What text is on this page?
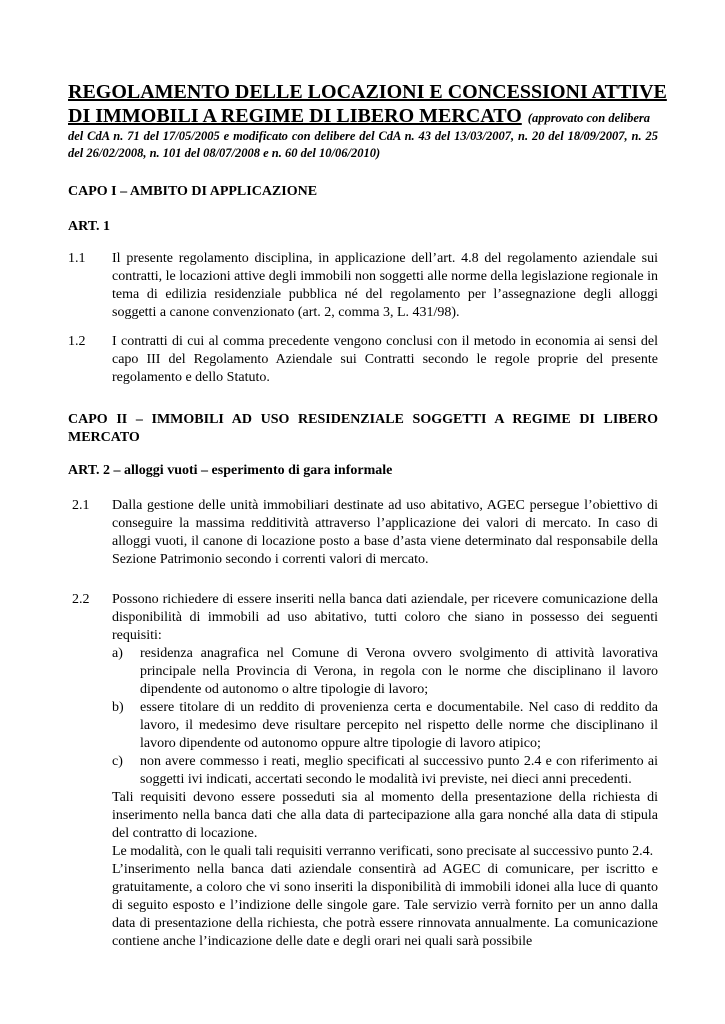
REGOLAMENTO DELLE LOCAZIONI E CONCESSIONI ATTIVE
DI IMMOBILI A REGIME DI LIBERO MERCATO (approvato con delibera
del CdA n. 71 del 17/05/2005 e modificato con delibere del CdA n. 43 del 13/03/2007, n. 20 del 18/09/2007, n. 25 del 26/02/2008, n. 101 del 08/07/2008 e n. 60 del 10/06/2010)
CAPO I – AMBITO DI APPLICAZIONE
ART. 1
1.1 Il presente regolamento disciplina, in applicazione dell’art. 4.8 del regolamento aziendale sui contratti, le locazioni attive degli immobili non soggetti alle norme della legislazione regionale in tema di edilizia residenziale pubblica né del regolamento per l’assegnazione degli alloggi soggetti a canone convenzionato (art. 2, comma 3, L. 431/98).
1.2 I contratti di cui al comma precedente vengono conclusi con il metodo in economia ai sensi del capo III del Regolamento Aziendale sui Contratti secondo le regole proprie del presente regolamento e dello Statuto.
CAPO II – IMMOBILI AD USO RESIDENZIALE SOGGETTI A REGIME DI LIBERO MERCATO
ART. 2 – alloggi vuoti – esperimento di gara informale
2.1 Dalla gestione delle unità immobiliari destinate ad uso abitativo, AGEC persegue l’obiettivo di conseguire la massima redditività attraverso l’applicazione dei valori di mercato. In caso di alloggi vuoti, il canone di locazione posto a base d’asta viene determinato dal responsabile della Sezione Patrimonio secondo i correnti valori di mercato.
2.2 Possono richiedere di essere inseriti nella banca dati aziendale, per ricevere comunicazione della disponibilità di immobili ad uso abitativo, tutti coloro che siano in possesso dei seguenti requisiti:

a) residenza anagrafica nel Comune di Verona ovvero svolgimento di attività lavorativa principale nella Provincia di Verona, in regola con le norme che disciplinano il lavoro dipendente od autonomo o altre tipologie di lavoro;
b) essere titolare di un reddito di provenienza certa e documentabile. Nel caso di reddito da lavoro, il medesimo deve risultare percepito nel rispetto delle norme che disciplinano il lavoro dipendente od autonomo oppure altre tipologie di lavoro atipico;
c) non avere commesso i reati, meglio specificati al successivo punto 2.4 e con riferimento ai soggetti ivi indicati, accertati secondo le modalità ivi previste, nei dieci anni precedenti.

Tali requisiti devono essere posseduti sia al momento della presentazione della richiesta di inserimento nella banca dati che alla data di partecipazione alla gara nonché alla data di stipula del contratto di locazione.

Le modalità, con le quali tali requisiti verranno verificati, sono precisate al successivo punto 2.4.

L’inserimento nella banca dati aziendale consentirà ad AGEC di comunicare, per iscritto e gratuitamente, a coloro che vi sono inseriti la disponibilità di immobili idonei alla luce di quanto di seguito esposto e l’indizione delle singole gare. Tale servizio verrà fornito per un anno dalla data di presentazione della richiesta, che potrà essere rinnovata annualmente. La comunicazione contiene anche l’indicazione delle date e degli orari nei quali sarà possibile
